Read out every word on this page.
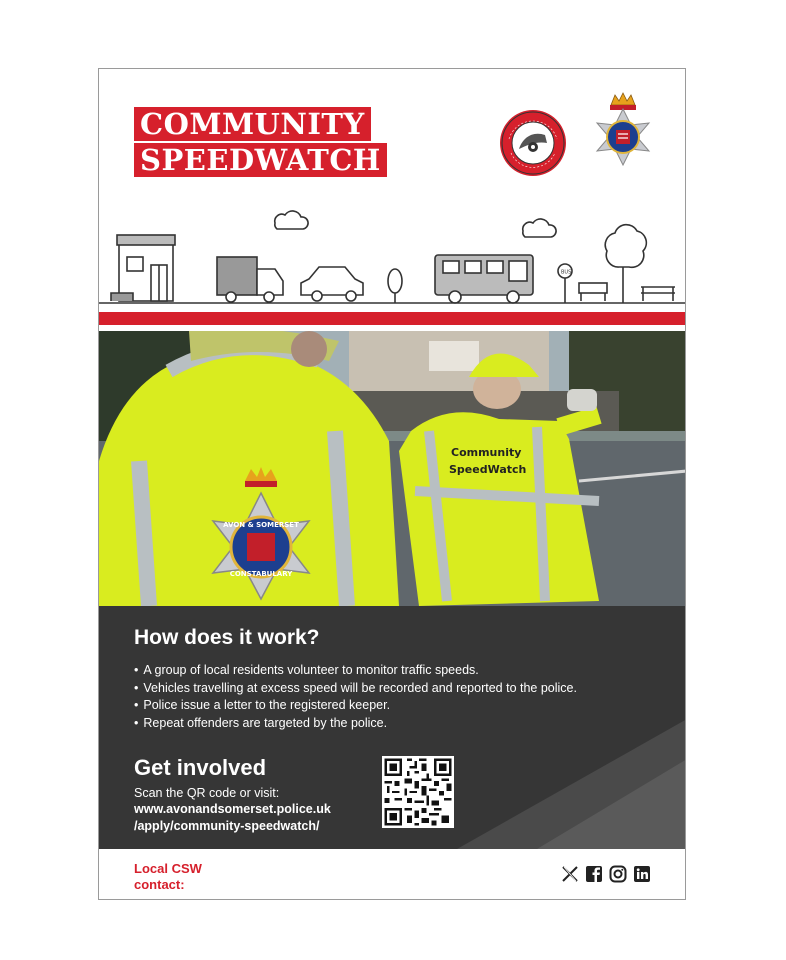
COMMUNITY
SPEEDWATCH
BUS
AVON & SOMERSET
CONSTABULARY
Community
SpeedWatch
How does it work?
• A group of local residents volunteer to monitor traffic speeds.
• Vehicles travelling at excess speed will be recorded and reported to the police.
• Police issue a letter to the registered keeper.
• Repeat offenders are targeted by the police.
Get involved
Scan the QR code or visit:
www.avonandsomerset.police.uk
/apply/community-speedwatch/
Local CSW
contact:
